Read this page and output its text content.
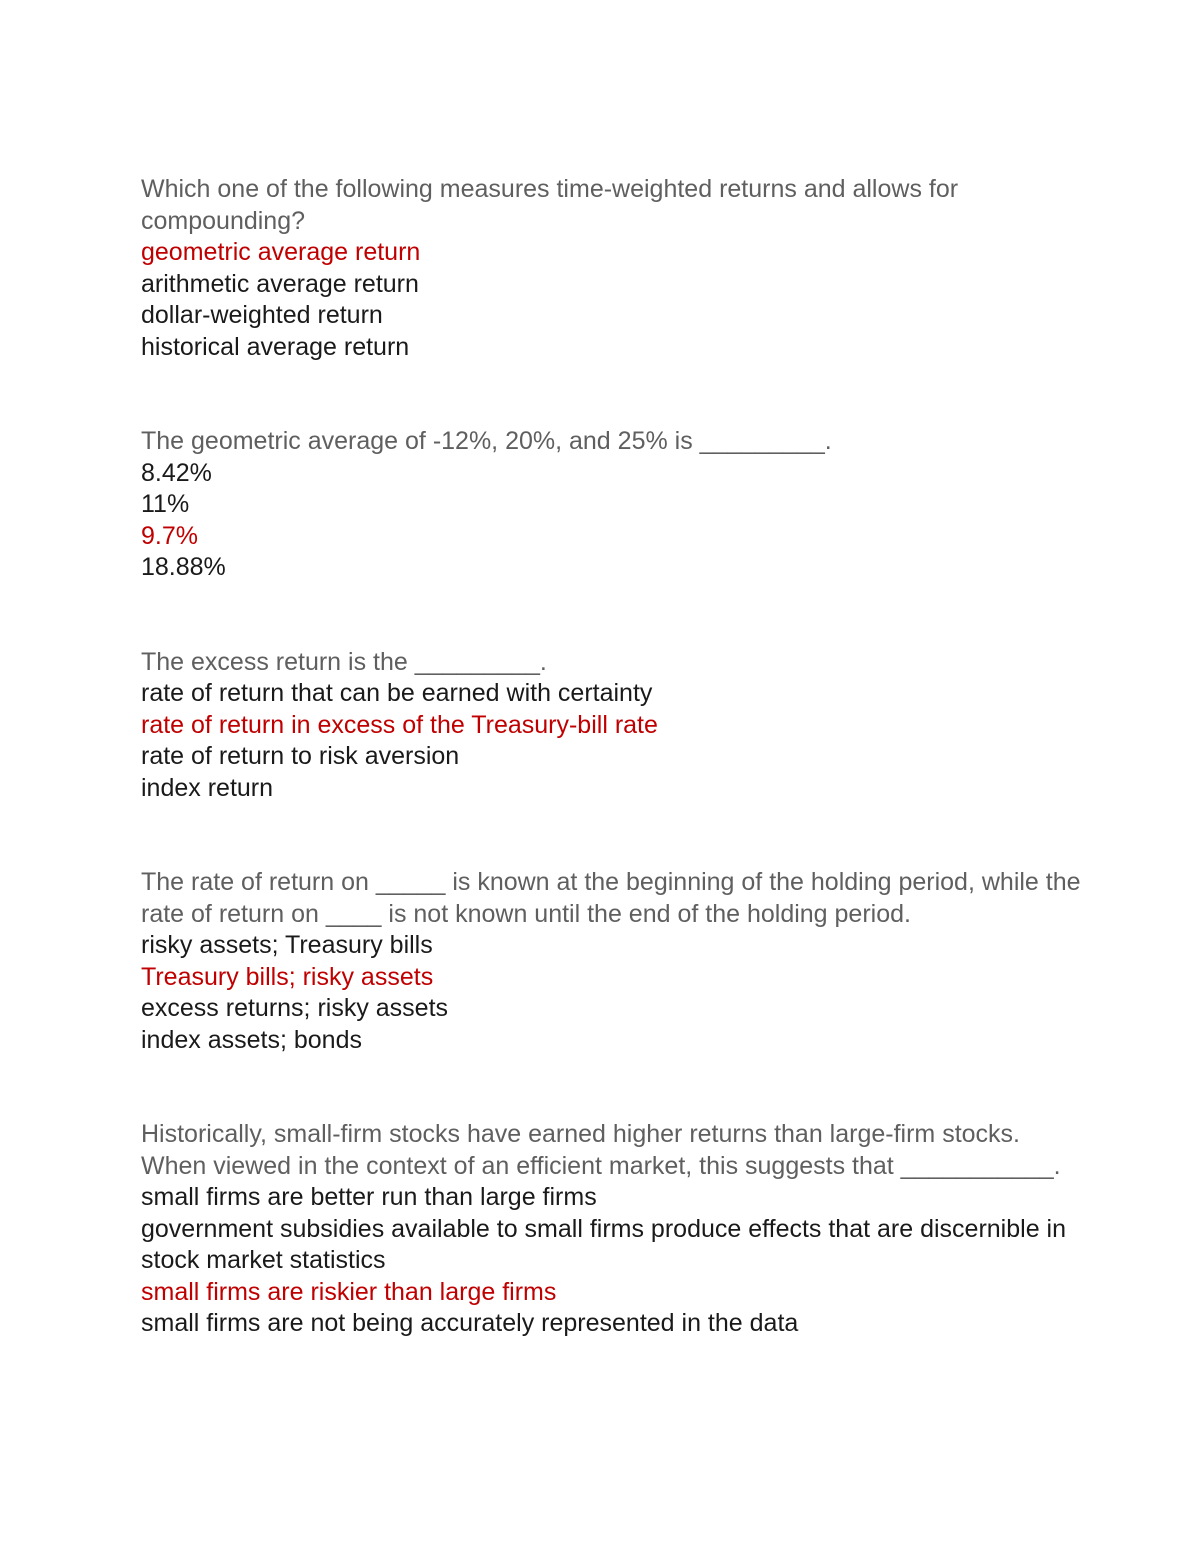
Which one of the following measures time-weighted returns and allows for compounding?

geometric average return
arithmetic average return
dollar-weighted return
historical average return

The geometric average of -12%, 20%, and 25% is _________.

8.42%
11%
9.7%
18.88%

The excess return is the _________.

rate of return that can be earned with certainty
rate of return in excess of the Treasury-bill rate
rate of return to risk aversion
index return

The rate of return on _____ is known at the beginning of the holding period, while the rate of return on ____ is not known until the end of the holding period.

risky assets; Treasury bills
Treasury bills; risky assets
excess returns; risky assets
index assets; bonds

Historically, small-firm stocks have earned higher returns than large-firm stocks. When viewed in the context of an efficient market, this suggests that ___________.

small firms are better run than large firms
government subsidies available to small firms produce effects that are discernible in stock market statistics
small firms are riskier than large firms
small firms are not being accurately represented in the data
